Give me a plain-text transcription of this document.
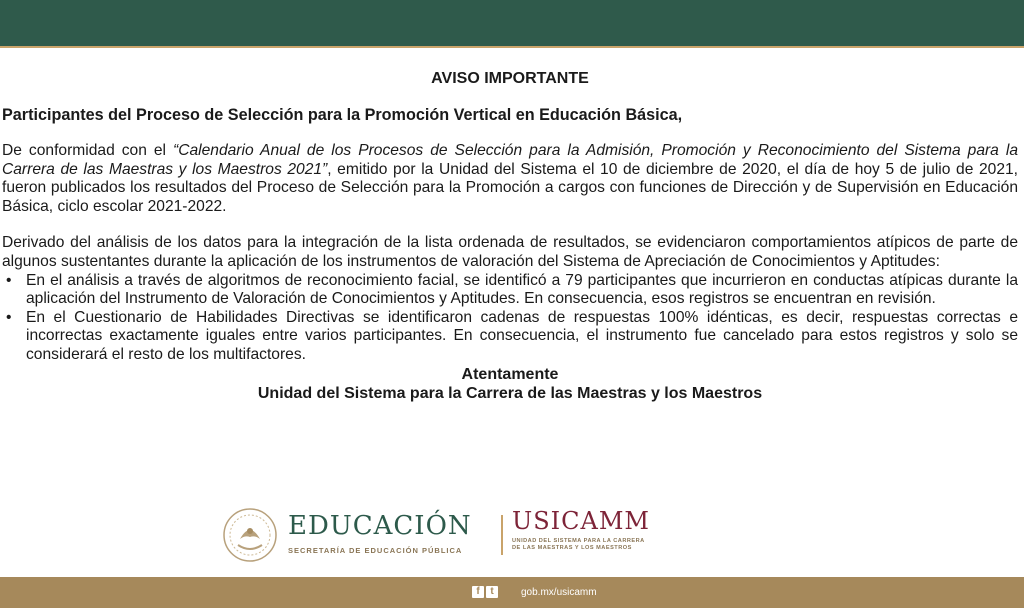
AVISO IMPORTANTE
Participantes del Proceso de Selección para la Promoción Vertical en Educación Básica,

De conformidad con el “Calendario Anual de los Procesos de Selección para la Admisión, Promoción y Reconocimiento del Sistema para la Carrera de las Maestras y los Maestros 2021”, emitido por la Unidad del Sistema el 10 de diciembre de 2020, el día de hoy 5 de julio de 2021, fueron publicados los resultados del Proceso de Selección para la Promoción a cargos con funciones de Dirección y de Supervisión en Educación Básica, ciclo escolar 2021-2022.

Derivado del análisis de los datos para la integración de la lista ordenada de resultados, se evidenciaron comportamientos atípicos de parte de algunos sustentantes durante la aplicación de los instrumentos de valoración del Sistema de Apreciación de Conocimientos y Aptitudes:

• En el análisis a través de algoritmos de reconocimiento facial, se identificó a 79 participantes que incurrieron en conductas atípicas durante la aplicación del Instrumento de Valoración de Conocimientos y Aptitudes. En consecuencia, esos registros se encuentran en revisión.
• En el Cuestionario de Habilidades Directivas se identificaron cadenas de respuestas 100% idénticas, es decir, respuestas correctas e incorrectas exactamente iguales entre varios participantes. En consecuencia, el instrumento fue cancelado para estos registros y solo se considerará el resto de los multifactores.
Atentamente
Unidad del Sistema para la Carrera de las Maestras y los Maestros
EDUCACIÓN
SECRETARÍA DE EDUCACIÓN PÚBLICA
USICAMM
UNIDAD DEL SISTEMA PARA LA CARRERA
DE LAS MAESTRAS Y LOS MAESTROS
f	t	gob.mx/usicamm
